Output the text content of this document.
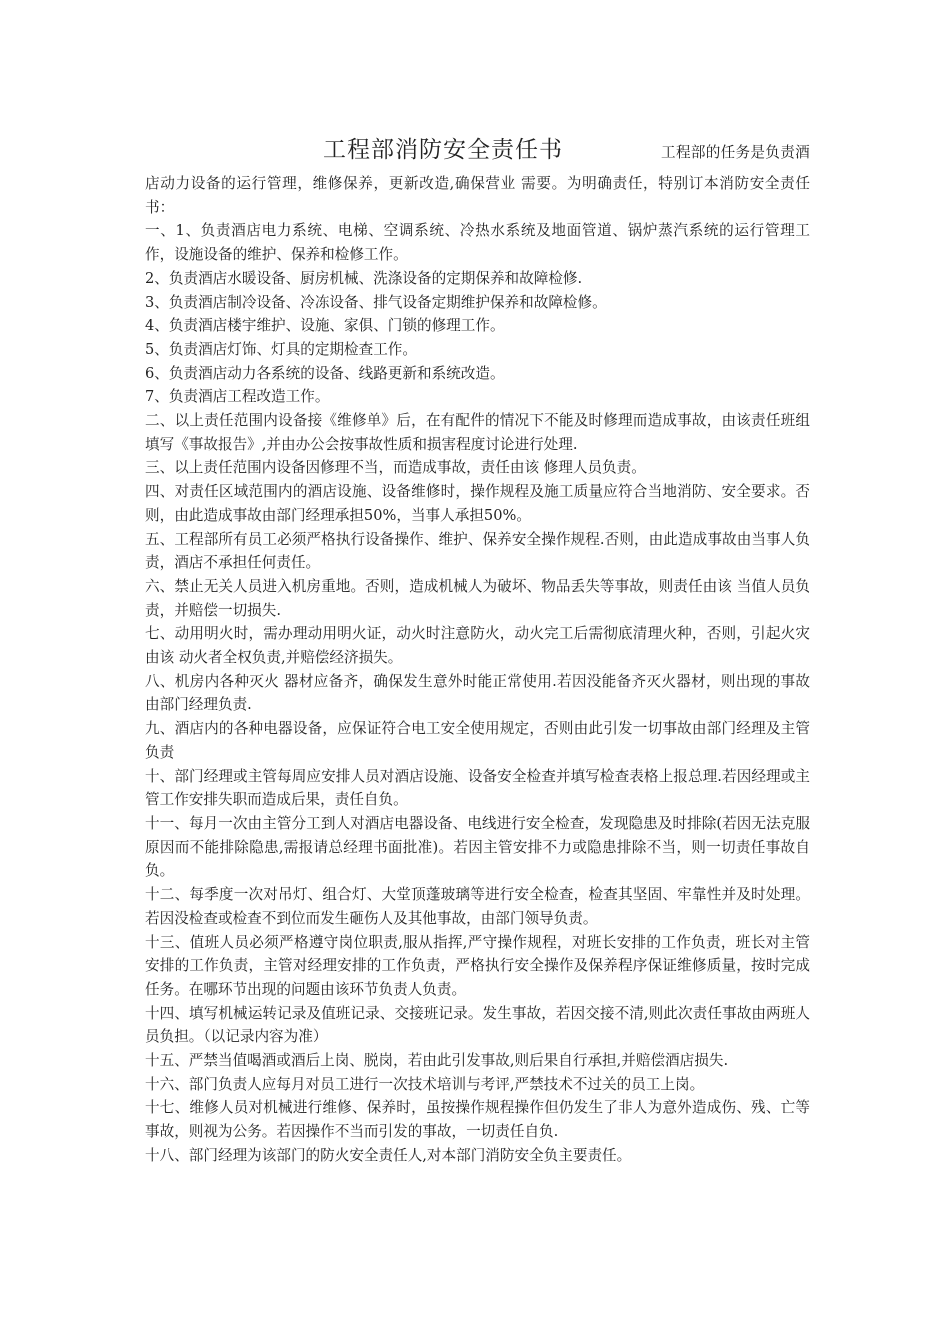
工程部消防安全责任书	工程部的任务是负责酒

店动力设备的运行管理，维修保养，更新改造,确保营业 需要。为明确责任，特别订本消防安全责任书：

一、1、负责酒店电力系统、电梯、空调系统、冷热水系统及地面管道、锅炉蒸汽系统的运行管理工作，设施设备的维护、保养和检修工作。

2、负责酒店水暖设备、厨房机械、洗涤设备的定期保养和故障检修.

3、负责酒店制冷设备、冷冻设备、排气设备定期维护保养和故障检修。

4、负责酒店楼宇维护、设施、家俱、门锁的修理工作。

5、负责酒店灯饰、灯具的定期检查工作。

6、负责酒店动力各系统的设备、线路更新和系统改造。

7、负责酒店工程改造工作。

二、以上责任范围内设备接《维修单》后，在有配件的情况下不能及时修理而造成事故，由该责任班组填写《事故报告》,并由办公会按事故性质和损害程度讨论进行处理.

三、以上责任范围内设备因修理不当，而造成事故，责任由该 修理人员负责。

四、对责任区域范围内的酒店设施、设备维修时，操作规程及施工质量应符合当地消防、安全要求。否则，由此造成事故由部门经理承担50%，当事人承担50%。

五、工程部所有员工必须严格执行设备操作、维护、保养安全操作规程.否则，由此造成事故由当事人负责，酒店不承担任何责任。

六、禁止无关人员进入机房重地。否则，造成机械人为破坏、物品丢失等事故，则责任由该 当值人员负责，并赔偿一切损失.

七、动用明火时，需办理动用明火证，动火时注意防火，动火完工后需彻底清理火种，否则，引起火灾由该 动火者全权负责,并赔偿经济损失。

八、机房内各种灭火 器材应备齐，确保发生意外时能正常使用.若因没能备齐灭火器材，则出现的事故由部门经理负责.

九、酒店内的各种电器设备，应保证符合电工安全使用规定，否则由此引发一切事故由部门经理及主管负责

十、部门经理或主管每周应安排人员对酒店设施、设备安全检查并填写检查表格上报总理.若因经理或主管工作安排失职而造成后果，责任自负。

十一、每月一次由主管分工到人对酒店电器设备、电线进行安全检查，发现隐患及时排除(若因无法克服原因而不能排除隐患,需报请总经理书面批准)。若因主管安排不力或隐患排除不当，则一切责任事故自负。

十二、每季度一次对吊灯、组合灯、大堂顶蓬玻璃等进行安全检查，检查其坚固、牢靠性并及时处理。若因没检查或检查不到位而发生砸伤人及其他事故，由部门领导负责。

十三、值班人员必须严格遵守岗位职责,服从指挥,严守操作规程，对班长安排的工作负责，班长对主管安排的工作负责，主管对经理安排的工作负责，严格执行安全操作及保养程序保证维修质量，按时完成任务。在哪环节出现的问题由该环节负责人负责。

十四、填写机械运转记录及值班记录、交接班记录。发生事故，若因交接不清,则此次责任事故由两班人员负担。（以记录内容为准）

十五、严禁当值喝酒或酒后上岗、脱岗，若由此引发事故,则后果自行承担,并赔偿酒店损失.

十六、部门负责人应每月对员工进行一次技术培训与考评,严禁技术不过关的员工上岗。

十七、维修人员对机械进行维修、保养时，虽按操作规程操作但仍发生了非人为意外造成伤、残、亡等事故，则视为公务。若因操作不当而引发的事故，一切责任自负.

十八、部门经理为该部门的防火安全责任人,对本部门消防安全负主要责任。
